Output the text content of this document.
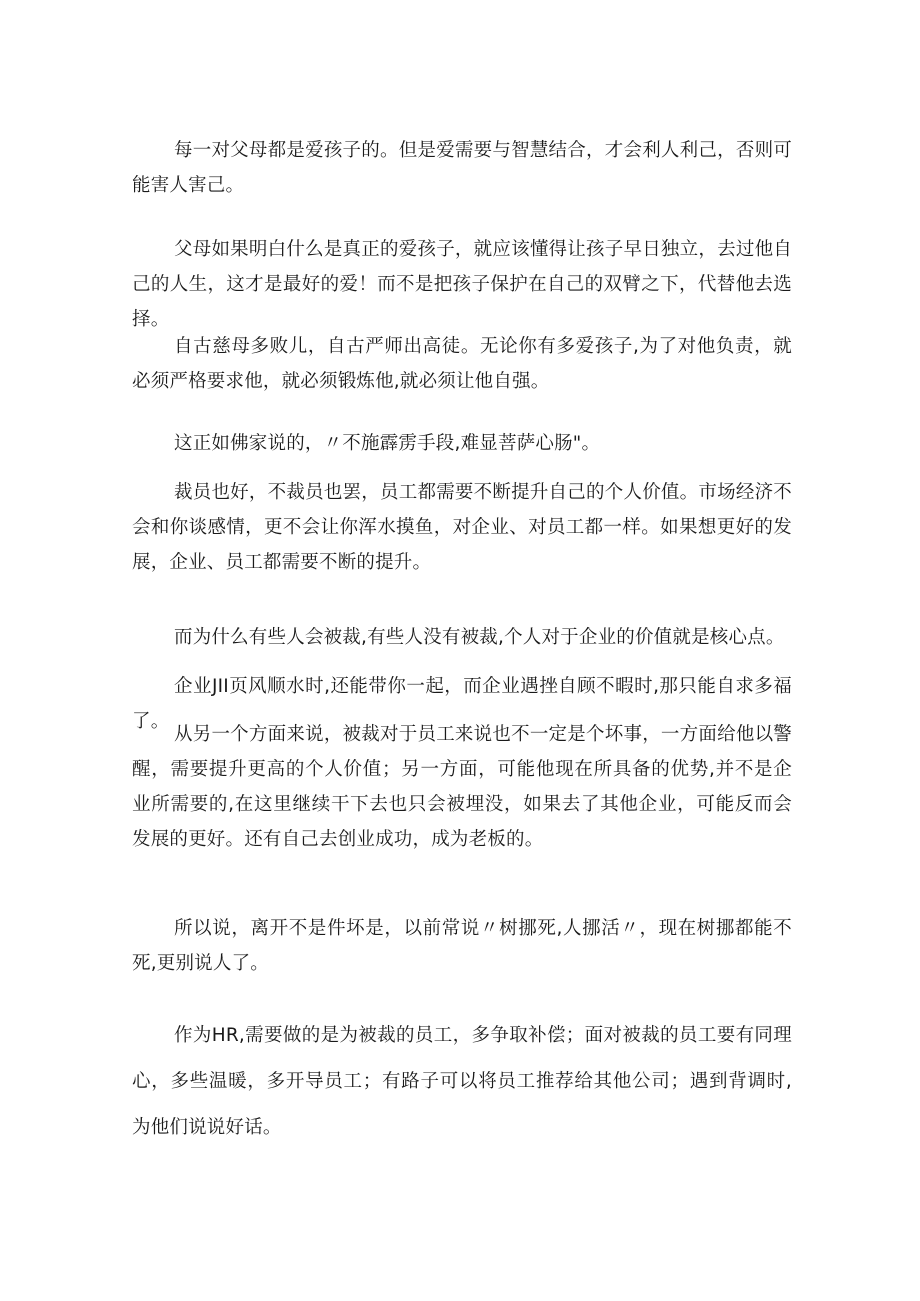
每一对父母都是爱孩子的。但是爱需要与智慧结合，才会利人利己，否则可能害人害己。

父母如果明白什么是真正的爱孩子，就应该懂得让孩子早日独立，去过他自己的人生，这才是最好的爱！而不是把孩子保护在自己的双臂之下，代替他去选择。

自古慈母多败儿，自古严师出高徒。无论你有多爱孩子,为了对他负责，就必须严格要求他，就必须锻炼他,就必须让他自强。

这正如佛家说的，〃不施霹雳手段,难显菩萨心肠"。

裁员也好，不裁员也罢，员工都需要不断提升自己的个人价值。市场经济不会和你谈感情，更不会让你浑水摸鱼，对企业、对员工都一样。如果想更好的发展，企业、员工都需要不断的提升。

而为什么有些人会被裁,有些人没有被裁,个人对于企业的价值就是核心点。

企业JII页风顺水时,还能带你一起，而企业遇挫自顾不暇时,那只能自求多福了。

从另一个方面来说，被裁对于员工来说也不一定是个坏事，一方面给他以警醒，需要提升更高的个人价值；另一方面，可能他现在所具备的优势,并不是企业所需要的,在这里继续干下去也只会被埋没，如果去了其他企业，可能反而会发展的更好。还有自己去创业成功，成为老板的。

所以说，离开不是件坏是，以前常说〃树挪死,人挪活〃，现在树挪都能不死,更别说人了。

作为HR,需要做的是为被裁的员工，多争取补偿；面对被裁的员工要有同理心，多些温暖，多开导员工；有路子可以将员工推荐给其他公司；遇到背调时,为他们说说好话。
